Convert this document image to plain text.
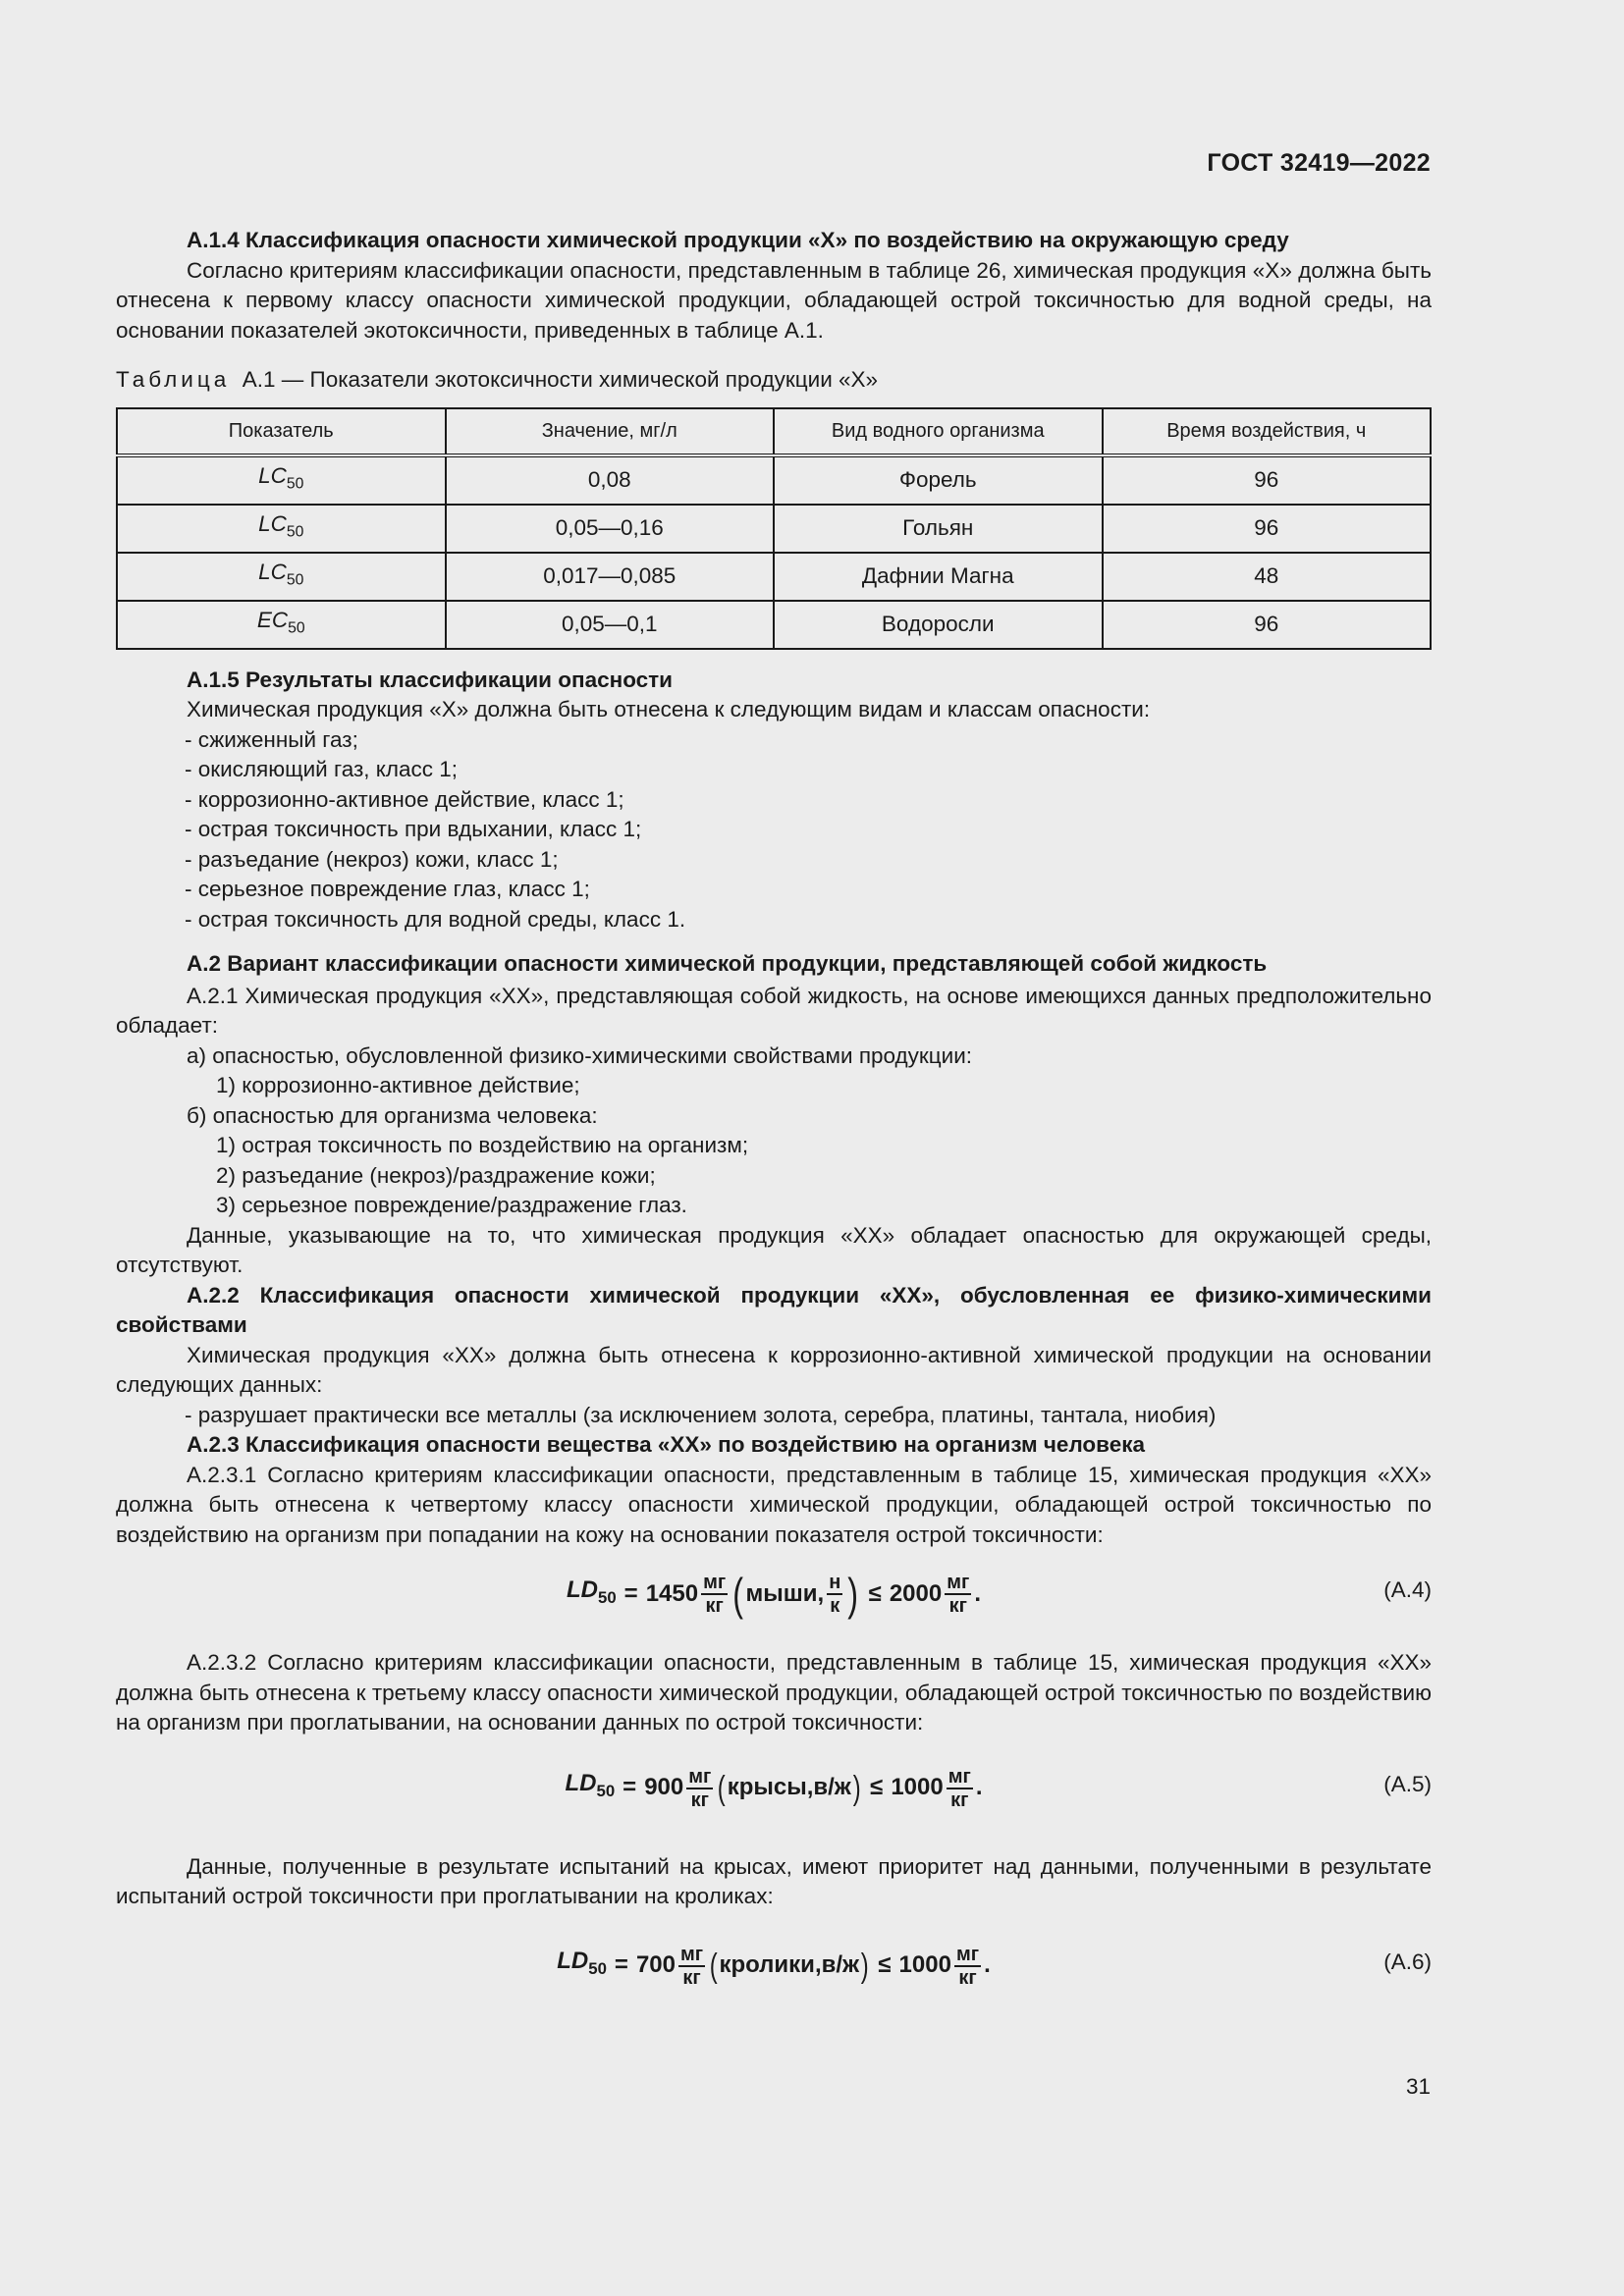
ГОСТ 32419—2022

А.1.4 Классификация опасности химической продукции «X» по воздействию на окружающую среду

Согласно критериям классификации опасности, представленным в таблице 26, химическая продукция «X» должна быть отнесена к первому классу опасности химической продукции, обладающей острой токсичностью для водной среды, на основании показателей экотоксичности, приведенных в таблице А.1.

Таблица А.1 — Показатели экотоксичности химической продукции «X»

Показатель	Значение, мг/л	Вид водного организма	Время воздействия, ч
$LC_{50}$	0,08	Форель	96
$LC_{50}$	0,05—0,16	Гольян	96
$LC_{50}$	0,017—0,085	Дафнии Магна	48
$EC_{50}$	0,05—0,1	Водоросли	96

А.1.5 Результаты классификации опасности

Химическая продукция «X» должна быть отнесена к следующим видам и классам опасности:

- сжиженный газ;

- окисляющий газ, класс 1;

- коррозионно-активное действие, класс 1;

- острая токсичность при вдыхании, класс 1;

- разъедание (некроз) кожи, класс 1;

- серьезное повреждение глаз, класс 1;

- острая токсичность для водной среды, класс 1.

А.2 Вариант классификации опасности химической продукции, представляющей собой жидкость

А.2.1 Химическая продукция «XX», представляющая собой жидкость, на основе имеющихся данных предположительно обладает:

а) опасностью, обусловленной физико-химическими свойствами продукции:

1) коррозионно-активное действие;

б) опасностью для организма человека:

1) острая токсичность по воздействию на организм;

2) разъедание (некроз)/раздражение кожи;

3) серьезное повреждение/раздражение глаз.

Данные, указывающие на то, что химическая продукция «XX» обладает опасностью для окружающей среды, отсутствуют.

А.2.2 Классификация опасности химической продукции «XX», обусловленная ее физико-химическими свойствами

Химическая продукция «XX» должна быть отнесена к коррозионно-активной химической продукции на основании следующих данных:

- разрушает практически все металлы (за исключением золота, серебра, платины, тантала, ниобия)

А.2.3 Классификация опасности вещества «XX» по воздействию на организм человека

А.2.3.1 Согласно критериям классификации опасности, представленным в таблице 15, химическая продукция «XX» должна быть отнесена к четвертому классу опасности химической продукции, обладающей острой токсичностью по воздействию на организм при попадании на кожу на основании показателя острой токсичности:

$LD_{50} = 1450 \frac{мг}{кг}$ ( мыши, $\frac{н}{к}$ ) ≤ $2000 \frac{мг}{кг}$ .	(А.4)

А.2.3.2 Согласно критериям классификации опасности, представленным в таблице 15, химическая продукция «XX» должна быть отнесена к третьему классу опасности химической продукции, обладающей острой токсичностью по воздействию на организм при проглатывании, на основании данных по острой токсичности:

$LD_{50} = 900 \frac{мг}{кг}$ ( крысы,в/ж ) ≤ $1000 \frac{мг}{кг}$ .	(А.5)

Данные, полученные в результате испытаний на крысах, имеют приоритет над данными, полученными в результате испытаний острой токсичности при проглатывании на кроликах:

$LD_{50} = 700 \frac{мг}{кг}$ ( кролики,в/ж ) ≤ $1000 \frac{мг}{кг}$ .	(А.6)
31
